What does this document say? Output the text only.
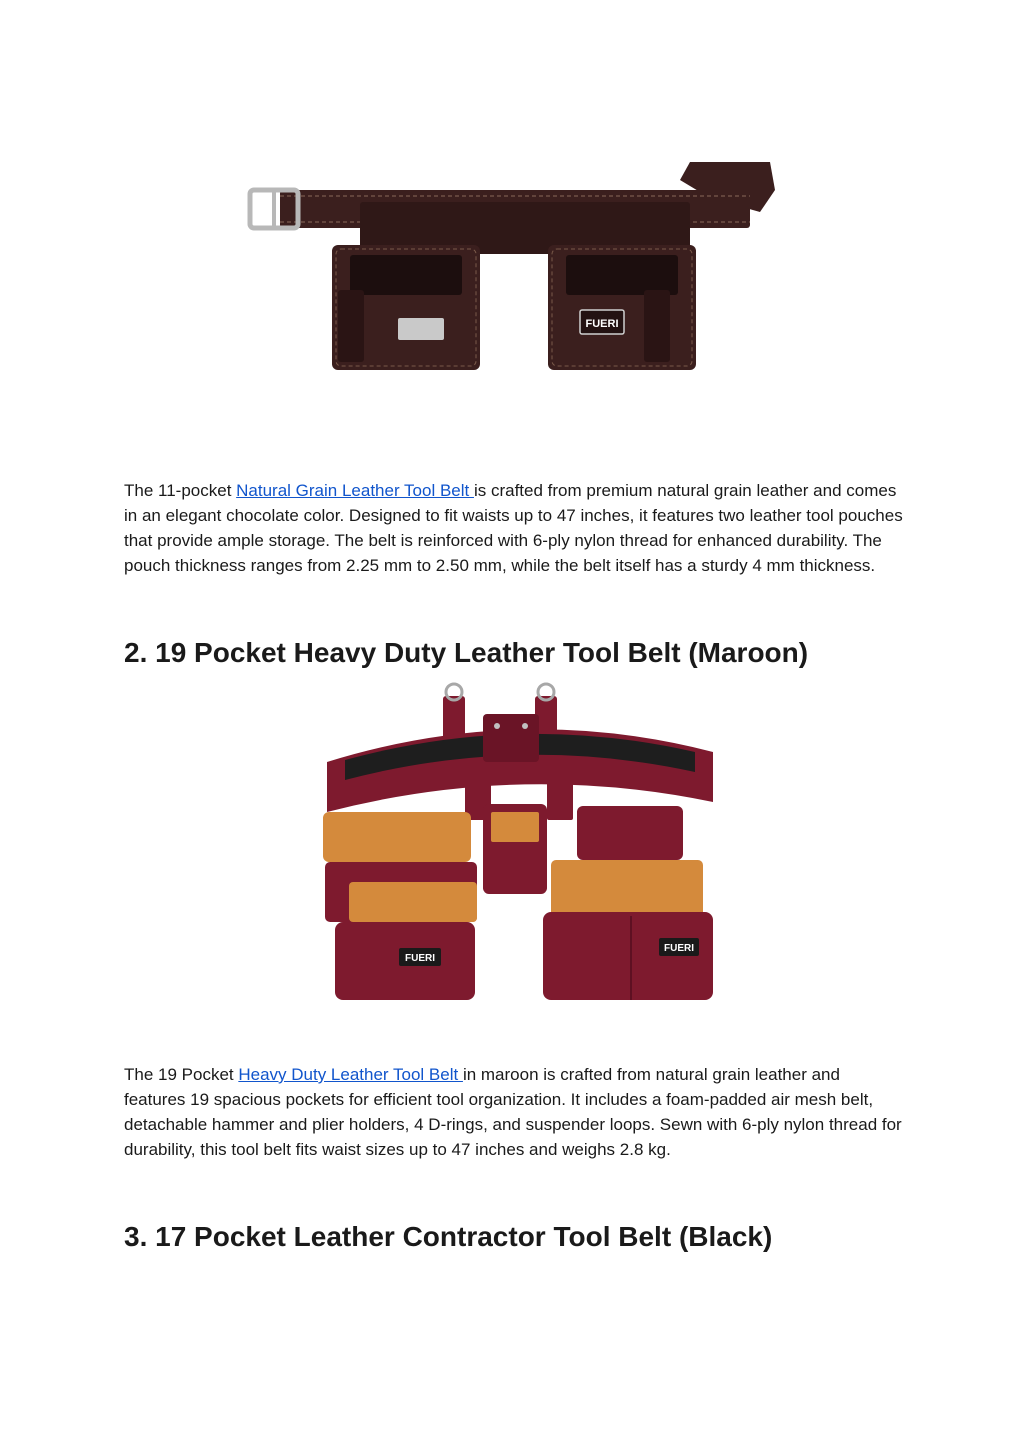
FUERI

The 11-pocket Natural Grain Leather Tool Belt is crafted from premium natural grain leather and comes in an elegant chocolate color. Designed to fit waists up to 47 inches, it features two leather tool pouches that provide ample storage. The belt is reinforced with 6-ply nylon thread for enhanced durability. The pouch thickness ranges from 2.25 mm to 2.50 mm, while the belt itself has a sturdy 4 mm thickness.

2. 19 Pocket Heavy Duty Leather Tool Belt (Maroon)
FUERI
FUERI

The 19 Pocket Heavy Duty Leather Tool Belt in maroon is crafted from natural grain leather and features 19 spacious pockets for efficient tool organization. It includes a foam-padded air mesh belt, detachable hammer and plier holders, 4 D-rings, and suspender loops. Sewn with 6-ply nylon thread for durability, this tool belt fits waist sizes up to 47 inches and weighs 2.8 kg.

3. 17 Pocket Leather Contractor Tool Belt (Black)
